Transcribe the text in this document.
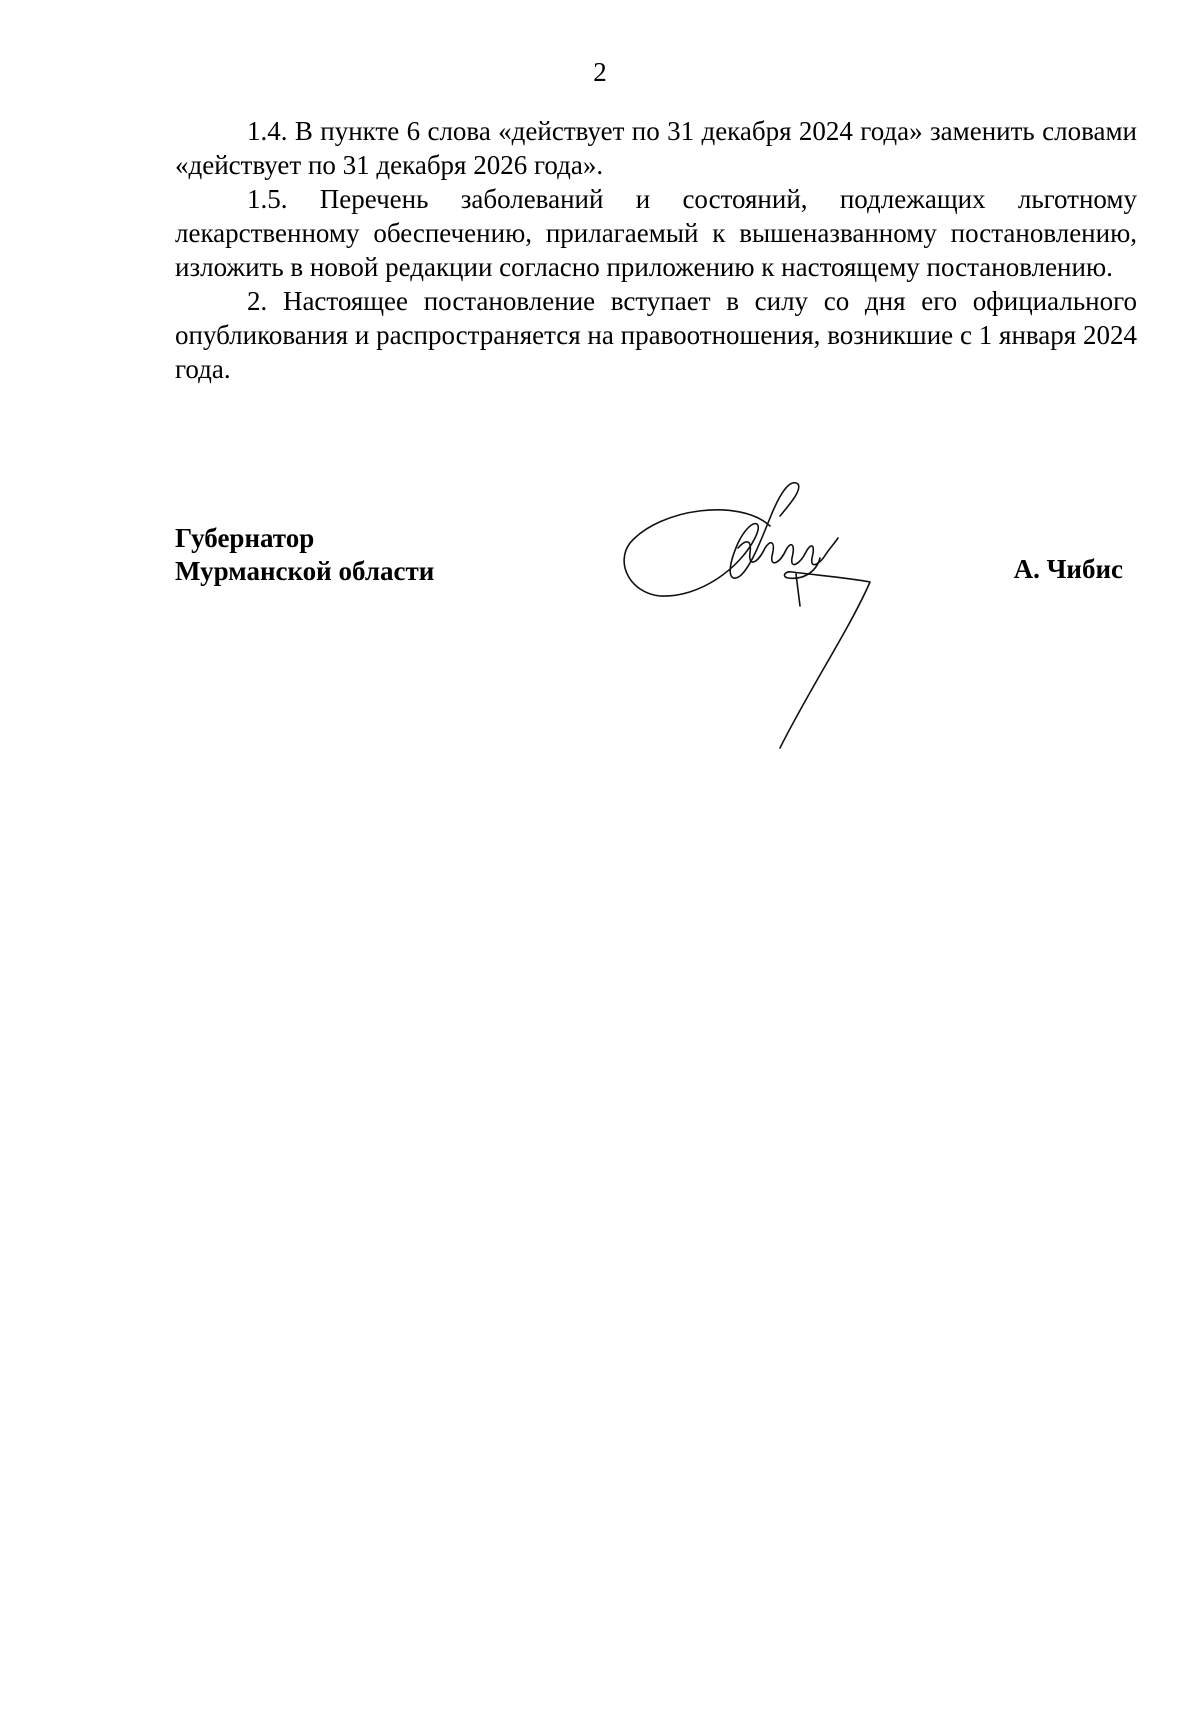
2

1.4. В пункте 6 слова «действует по 31 декабря 2024 года» заменить словами «действует по 31 декабря 2026 года».

1.5. Перечень заболеваний и состояний, подлежащих льготному лекарственному обеспечению, прилагаемый к вышеназванному постановлению, изложить в новой редакции согласно приложению к настоящему постановлению.

2. Настоящее постановление вступает в силу со дня его официального опубликования и распространяется на правоотношения, возникшие с 1 января 2024 года.

Губернатор
Мурманской области	А. Чибис
